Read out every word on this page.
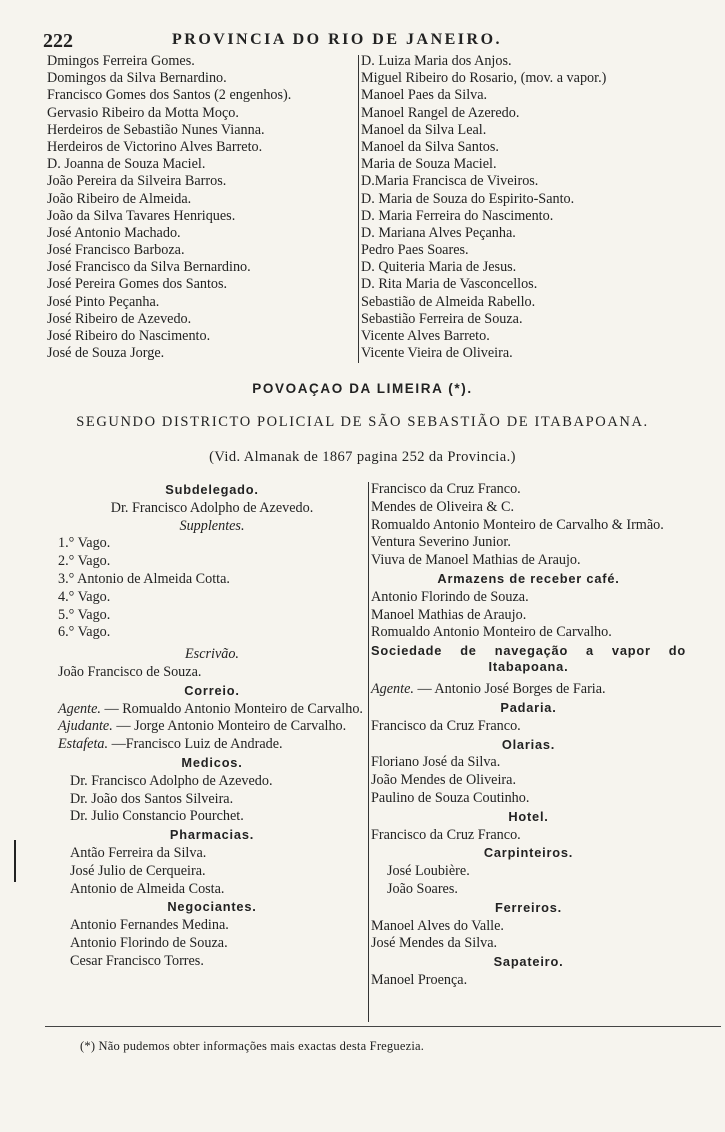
222	PROVINCIA DO RIO DE JANEIRO.
Dmingos Ferreira Gomes.
Domingos da Silva Bernardino.
Francisco Gomes dos Santos (2 engenhos).
Gervasio Ribeiro da Motta Moço.
Herdeiros de Sebastião Nunes Vianna.
Herdeiros de Victorino Alves Barreto.
D. Joanna de Souza Maciel.
João Pereira da Silveira Barros.
João Ribeiro de Almeida.
João da Silva Tavares Henriques.
José Antonio Machado.
José Francisco Barboza.
José Francisco da Silva Bernardino.
José Pereira Gomes dos Santos.
José Pinto Peçanha.
José Ribeiro de Azevedo.
José Ribeiro do Nascimento.
José de Souza Jorge.
D. Luiza Maria dos Anjos.
Miguel Ribeiro do Rosario, (mov. a vapor.)
Manoel Paes da Silva.
Manoel Rangel de Azeredo.
Manoel da Silva Leal.
Manoel da Silva Santos.
Maria de Souza Maciel.
D.Maria Francisca de Viveiros.
D. Maria de Souza do Espirito-Santo.
D. Maria Ferreira do Nascimento.
D. Mariana Alves Peçanha.
Pedro Paes Soares.
D. Quiteria Maria de Jesus.
D. Rita Maria de Vasconcellos.
Sebastião de Almeida Rabello.
Sebastião Ferreira de Souza.
Vicente Alves Barreto.
Vicente Vieira de Oliveira.
POVOAÇAO DA LIMEIRA (*).
SEGUNDO DISTRICTO POLICIAL DE SÃO SEBASTIÃO DE ITABAPOANA.
(Vid. Almanak de 1867 pagina 252 da Provincia.)
Subdelegado.
Dr. Francisco Adolpho de Azevedo.
Supplentes.
1.° Vago.
2.° Vago.
3.° Antonio de Almeida Cotta.
4.° Vago.
5.° Vago.
6.° Vago.
Escrivão.
João Francisco de Souza.
Correio.
Agente. — Romualdo Antonio Monteiro de Carvalho.
Ajudante. — Jorge Antonio Monteiro de Carvalho.
Estafeta. —Francisco Luiz de Andrade.
Medicos.
Dr. Francisco Adolpho de Azevedo.
Dr. João dos Santos Silveira.
Dr. Julio Constancio Pourchet.
Pharmacias.
Antão Ferreira da Silva.
José Julio de Cerqueira.
Antonio de Almeida Costa.
Negociantes.
Antonio Fernandes Medina.
Antonio Florindo de Souza.
Cesar Francisco Torres.
Francisco da Cruz Franco.
Mendes de Oliveira & C.
Romualdo Antonio Monteiro de Carvalho & Irmão.
Ventura Severino Junior.
Viuva de Manoel Mathias de Araujo.
Armazens de receber café.
Antonio Florindo de Souza.
Manoel Mathias de Araujo.
Romualdo Antonio Monteiro de Carvalho.
Sociedade de navegação a vapor do Itabapoana.
Agente. — Antonio José Borges de Faria.
Padaria.
Francisco da Cruz Franco.
Olarias.
Floriano José da Silva.
João Mendes de Oliveira.
Paulino de Souza Coutinho.
Hotel.
Francisco da Cruz Franco.
Carpinteiros.
José Loubière.
João Soares.
Ferreiros.
Manoel Alves do Valle.
José Mendes da Silva.
Sapateiro.
Manoel Proença.
(*) Não pudemos obter informações mais exactas desta Freguezia.
